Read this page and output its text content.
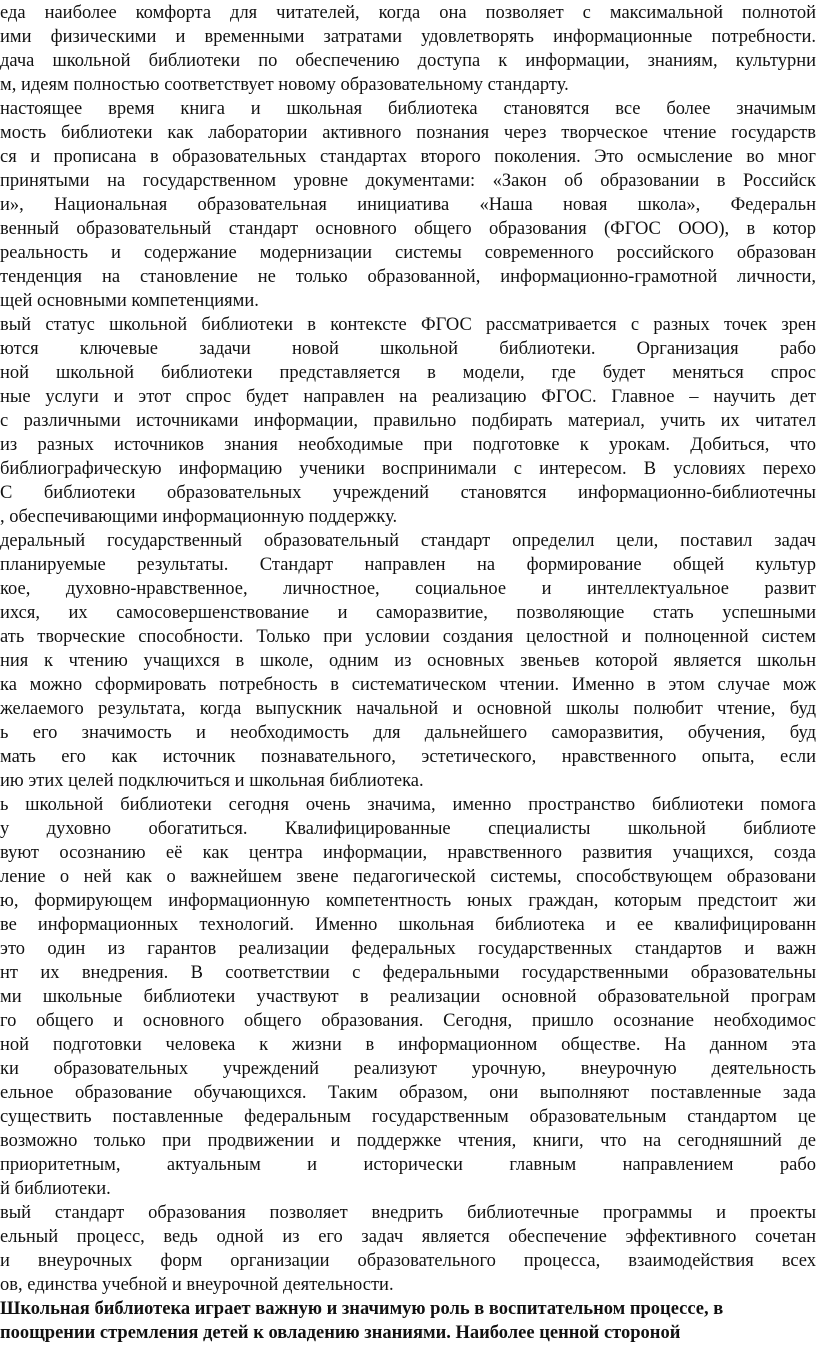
еда наиболее комфорта для читателей, когда она позволяет с максимальной полнотой
ими физическими и временными затратами удовлетворять информационные потребности.
дача школьной библиотеки по обеспечению доступа к информации, знаниям, культурни
м, идеям полностью соответствует новому образовательному стандарту.
настоящее время книга и школьная библиотека становятся все более значимым
мость библиотеки как лаборатории активного познания через творческое чтение государств
ся и прописана в образовательных стандартах второго поколения. Это осмысление во мног
принятыми на государственном уровне документами: «Закон об образовании в Российск
и», Национальная образовательная инициатива «Наша новая школа», Федеральн
венный образовательный стандарт основного общего образования (ФГОС ООО), в котор
реальность и содержание модернизации системы современного российского образован
тенденция на становление не только образованной, информационно-грамотной личности,
щей основными компетенциями.
вый статус школьной библиотеки в контексте ФГОС рассматривается с разных точек зрен
ются ключевые задачи новой школьной библиотеки. Организация рабо
ной школьной библиотеки представляется в модели, где будет меняться спрос
ные услуги и этот спрос будет направлен на реализацию ФГОС. Главное – научить дет
с различными источниками информации, правильно подбирать материал, учить их читател
из разных источников знания необходимые при подготовке к урокам. Добиться, что
библиографическую информацию ученики воспринимали с интересом. В условиях перехо
С библиотеки образовательных учреждений становятся информационно-библиотечны
, обеспечивающими информационную поддержку.
деральный государственный образовательный стандарт определил цели, поставил задач
планируемые результаты. Стандарт направлен на формирование общей культур
кое, духовно-нравственное, личностное, социальное и интеллектуальное развит
ихся, их самосовершенствование и саморазвитие, позволяющие стать успешными
ать творческие способности. Только при условии создания целостной и полноценной систем
ния к чтению учащихся в школе, одним из основных звеньев которой является школьн
ка можно сформировать потребность в систематическом чтении. Именно в этом случае мож
желаемого результата, когда выпускник начальной и основной школы полюбит чтение, буд
ь его значимость и необходимость для дальнейшего саморазвития, обучения, буд
мать его как источник познавательного, эстетического, нравственного опыта, если
ию этих целей подключиться и школьная библиотека.
ь школьной библиотеки сегодня очень значима, именно пространство библиотеки помога
у духовно обогатиться. Квалифицированные специалисты школьной библиоте
вуют осознанию её как центра информации, нравственного развития учащихся, созда
ление о ней как о важнейшем звене педагогической системы, способствующем образовани
ю, формирующем информационную компетентность юных граждан, которым предстоит жи
ве информационных технологий. Именно школьная библиотека и ее квалифицированн
это один из гарантов реализации федеральных государственных стандартов и важн
нт их внедрения. В соответствии с федеральными государственными образовательны
ми школьные библиотеки участвуют в реализации основной образовательной програм
го общего и основного общего образования. Сегодня, пришло осознание необходимос
ной подготовки человека к жизни в информационном обществе. На данном эта
ки образовательных учреждений реализуют урочную, внеурочную деятельность
ельное образование обучающихся. Таким образом, они выполняют поставленные зада
существить поставленные федеральным государственным образовательным стандартом це
возможно только при продвижении и поддержке чтения, книги, что на сегодняшний де
приоритетным, актуальным и исторически главным направлением рабо
й библиотеки.
вый стандарт образования позволяет внедрить библиотечные программы и проекты
ельный процесс, ведь одной из его задач является обеспечение эффективного сочетан
и внеурочных форм организации образовательного процесса, взаимодействия всех
ов, единства учебной и внеурочной деятельности.
Школьная библиотека играет важную и значимую роль в воспитательном процессе, в
поощрении стремления детей к овладению знаниями. Наиболее ценной стороной
